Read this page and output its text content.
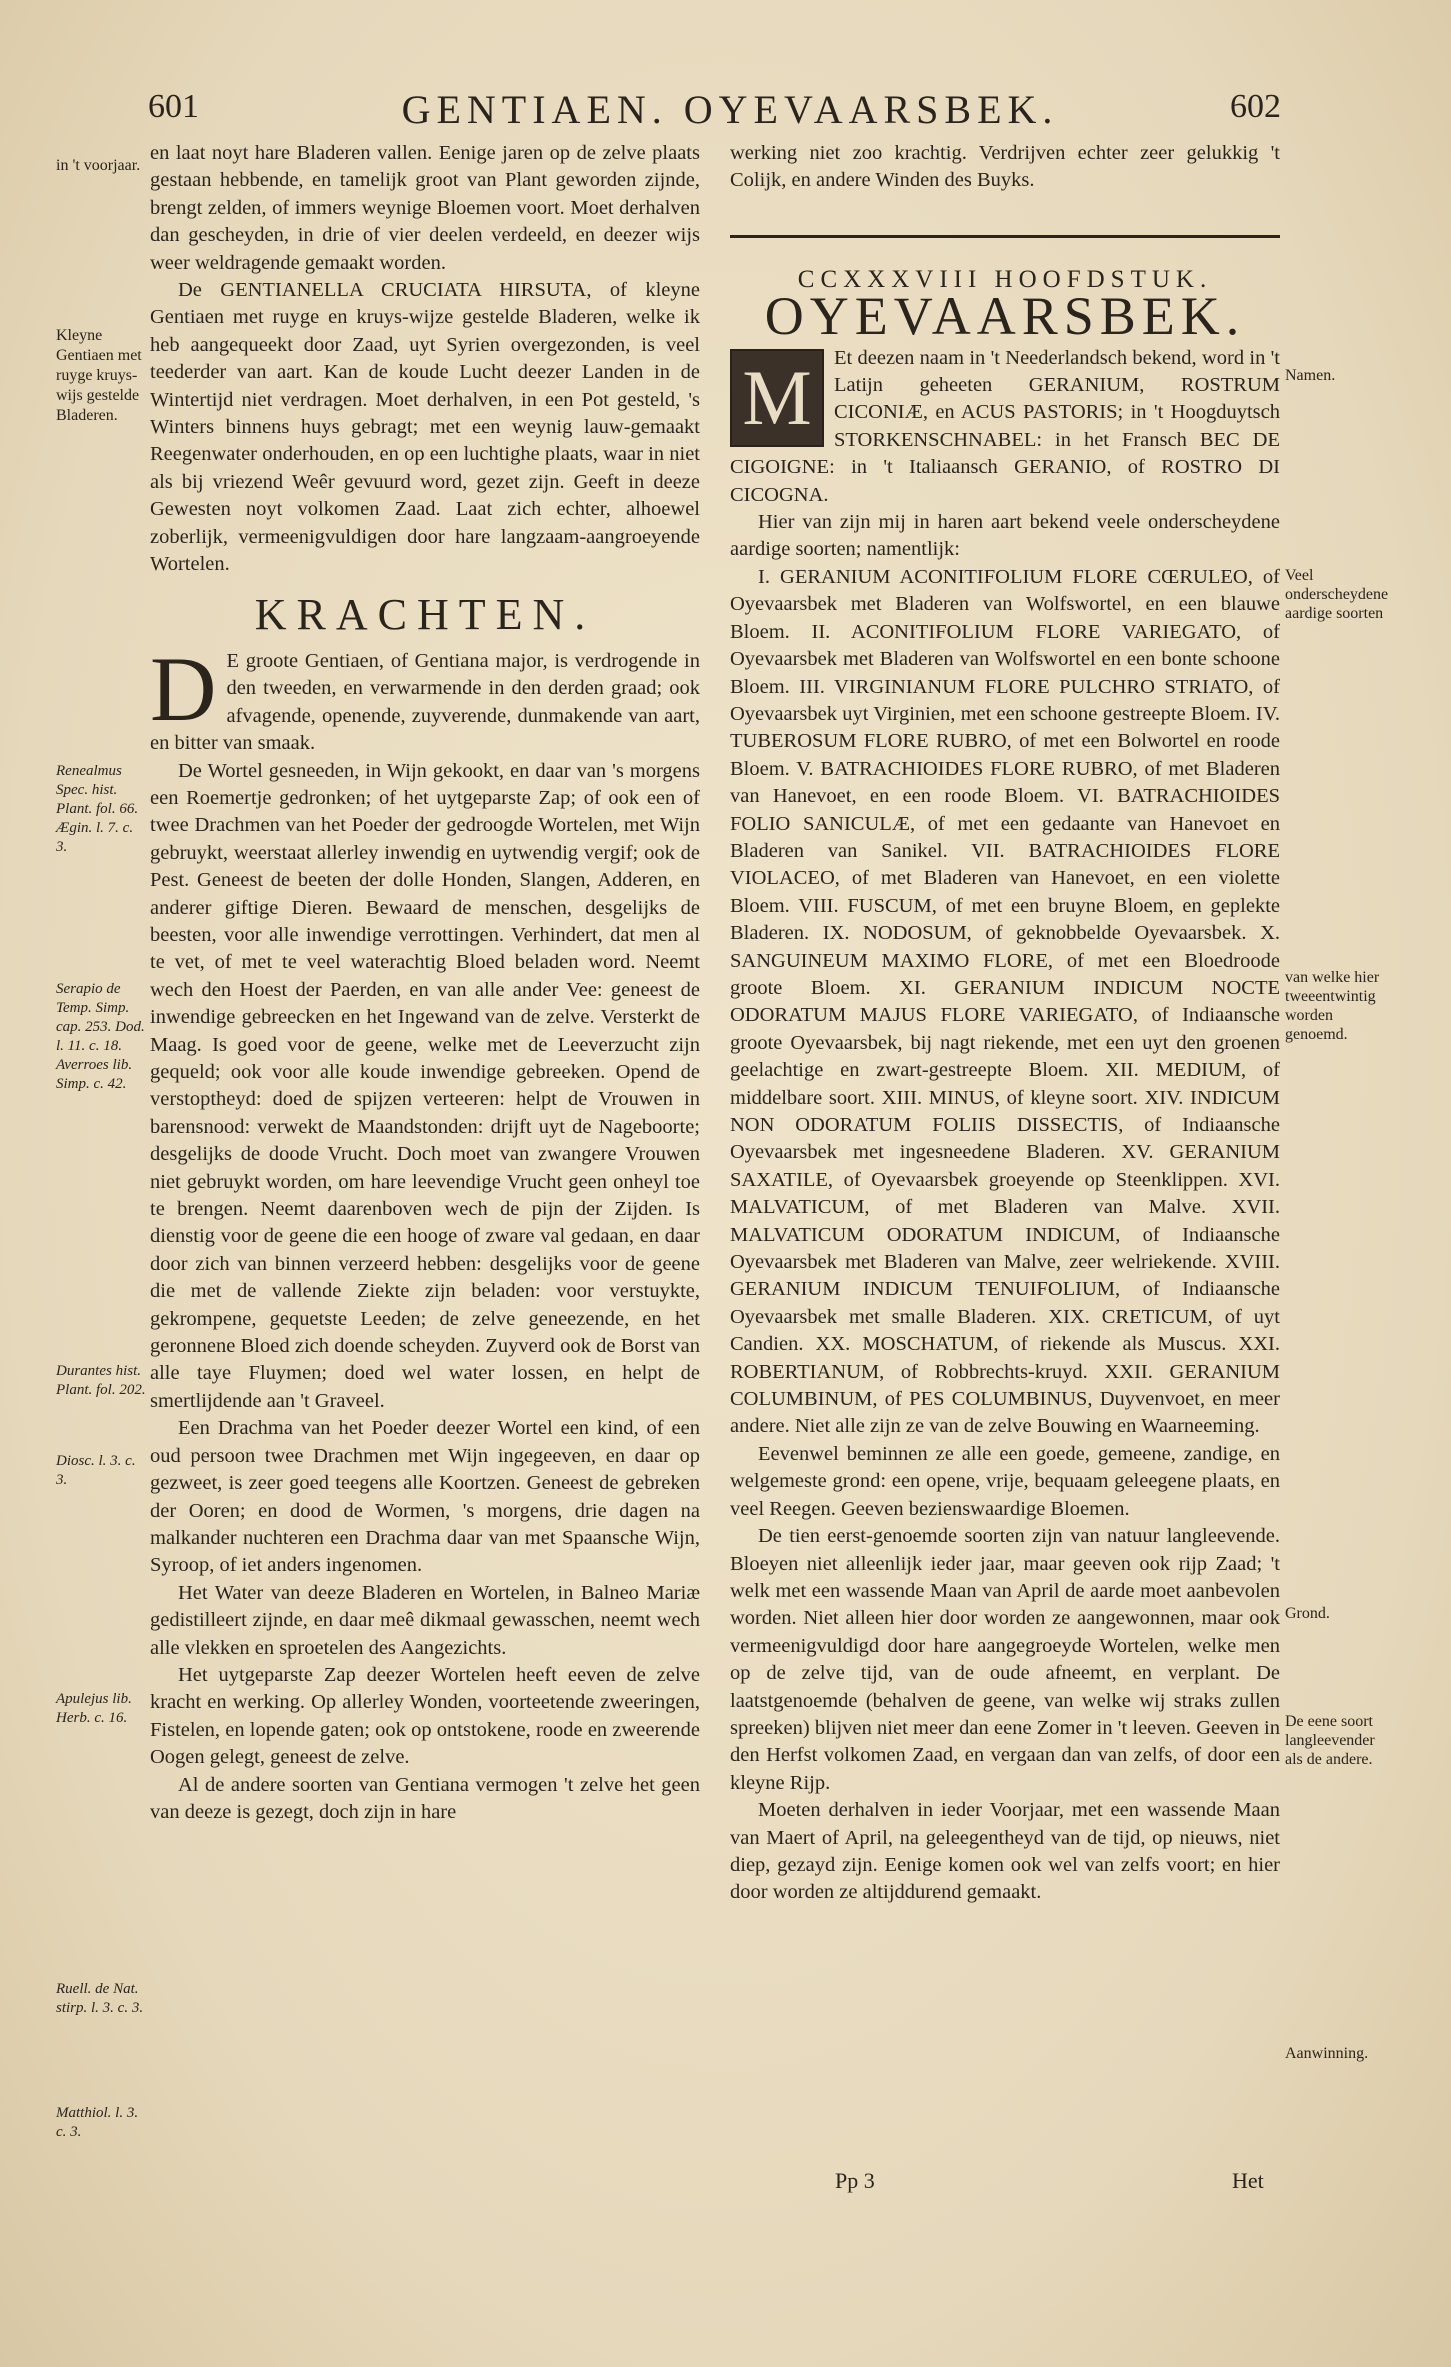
601	GENTIAEN. OYEVAARSBEK.	602
in 't voorjaar.
Kleyne Gentiaen met ruyge kruys-wijs gestelde Bladeren.
Renealmus Spec. hist. Plant. fol. 66. Ægin. l. 7. c. 3.
Serapio de Temp. Simp. cap. 253. Dod. l. 11. c. 18. Averroes lib. Simp. c. 42.
Durantes hist. Plant. fol. 202.
Diosc. l. 3. c. 3.
Apulejus lib. Herb. c. 16.
Ruell. de Nat. stirp. l. 3. c. 3.
Matthiol. l. 3. c. 3.

en laat noyt hare Bladeren vallen. Eenige jaren op de zelve plaats gestaan hebbende, en tamelijk groot van Plant geworden zijnde, brengt zelden, of immers weynige Bloemen voort. Moet derhalven dan gescheyden, in drie of vier deelen verdeeld, en deezer wijs weer weldragende gemaakt worden.

De GENTIANELLA CRUCIATA HIRSUTA, of kleyne Gentiaen met ruyge en kruys-wijze gestelde Bladeren, welke ik heb aangequeekt door Zaad, uyt Syrien overgezonden, is veel teederder van aart. Kan de koude Lucht deezer Landen in de Wintertijd niet verdragen. Moet derhalven, in een Pot gesteld, 's Winters binnens huys gebragt; met een weynig lauw-gemaakt Reegenwater onderhouden, en op een luchtighe plaats, waar in niet als bij vriezend Weêr gevuurd word, gezet zijn. Geeft in deeze Gewesten noyt volkomen Zaad. Laat zich echter, alhoewel zoberlijk, vermeenigvuldigen door hare langzaam-aangroeyende Wortelen.

KRACHTEN.

D E groote Gentiaen, of Gentiana major, is verdrogende in den tweeden, en verwarmende in den derden graad; ook afvagende, openende, zuyverende, dunmakende van aart, en bitter van smaak.

De Wortel gesneeden, in Wijn gekookt, en daar van 's morgens een Roemertje gedronken; of het uytgeparste Zap; of ook een of twee Drachmen van het Poeder der gedroogde Wortelen, met Wijn gebruykt, weerstaat allerley inwendig en uytwendig vergif; ook de Pest. Geneest de beeten der dolle Honden, Slangen, Adderen, en anderer giftige Dieren. Bewaard de menschen, desgelijks de beesten, voor alle inwendige verrottingen. Verhindert, dat men al te vet, of met te veel waterachtig Bloed beladen word. Neemt wech den Hoest der Paerden, en van alle ander Vee: geneest de inwendige gebreecken en het Ingewand van de zelve. Versterkt de Maag. Is goed voor de geene, welke met de Leeverzucht zijn gequeld; ook voor alle koude inwendige gebreeken. Opend de verstoptheyd: doed de spijzen verteeren: helpt de Vrouwen in barensnood: verwekt de Maandstonden: drijft uyt de Nageboorte; desgelijks de doode Vrucht. Doch moet van zwangere Vrouwen niet gebruykt worden, om hare leevendige Vrucht geen onheyl toe te brengen. Neemt daarenboven wech de pijn der Zijden. Is dienstig voor de geene die een hooge of zware val gedaan, en daar door zich van binnen verzeerd hebben: desgelijks voor de geene die met de vallende Ziekte zijn beladen: voor verstuykte, gekrompene, gequetste Leeden; de zelve geneezende, en het geronnene Bloed zich doende scheyden. Zuyverd ook de Borst van alle taye Fluymen; doed wel water lossen, en helpt de smertlijdende aan 't Graveel.

Een Drachma van het Poeder deezer Wortel een kind, of een oud persoon twee Drachmen met Wijn ingegeeven, en daar op gezweet, is zeer goed teegens alle Koortzen. Geneest de gebreken der Ooren; en dood de Wormen, 's morgens, drie dagen na malkander nuchteren een Drachma daar van met Spaansche Wijn, Syroop, of iet anders ingenomen.

Het Water van deeze Bladeren en Wortelen, in Balneo Mariæ gedistilleert zijnde, en daar meê dikmaal gewasschen, neemt wech alle vlekken en sproetelen des Aangezichts.

Het uytgeparste Zap deezer Wortelen heeft eeven de zelve kracht en werking. Op allerley Wonden, voorteetende zweeringen, Fistelen, en lopende gaten; ook op ontstokene, roode en zweerende Oogen gelegt, geneest de zelve.

Al de andere soorten van Gentiana vermogen 't zelve het geen van deeze is gezegt, doch zijn in hare

Namen.
Veel onderscheydene aardige soorten
van welke hier tweeentwintig worden genoemd.
Grond.
De eene soort langleevender als de andere.
Aanwinning.

werking niet zoo krachtig. Verdrijven echter zeer gelukkig 't Colijk, en andere Winden des Buyks.

CCXXXVIII HOOFDSTUK.
OYEVAARSBEK.

M	Et deezen naam in 't Neederlandsch bekend, word in 't Latijn geheeten GERANIUM, ROSTRUM CICONIÆ, en ACUS PASTORIS; in 't Hoogduytsch STORKENSCHNABEL: in het Fransch BEC DE CIGOIGNE: in 't Italiaansch GERANIO, of ROSTRO DI CICOGNA.

Hier van zijn mij in haren aart bekend veele onderscheydene aardige soorten; namentlijk:

I. GERANIUM ACONITIFOLIUM FLORE CŒRULEO, of Oyevaarsbek met Bladeren van Wolfswortel, en een blauwe Bloem. II. ACONITIFOLIUM FLORE VARIEGATO, of Oyevaarsbek met Bladeren van Wolfswortel en een bonte schoone Bloem. III. VIRGINIANUM FLORE PULCHRO STRIATO, of Oyevaarsbek uyt Virginien, met een schoone gestreepte Bloem. IV. TUBEROSUM FLORE RUBRO, of met een Bolwortel en roode Bloem. V. BATRACHIOIDES FLORE RUBRO, of met Bladeren van Hanevoet, en een roode Bloem. VI. BATRACHIOIDES FOLIO SANICULÆ, of met een gedaante van Hanevoet en Bladeren van Sanikel. VII. BATRACHIOIDES FLORE VIOLACEO, of met Bladeren van Hanevoet, en een violette Bloem. VIII. FUSCUM, of met een bruyne Bloem, en geplekte Bladeren. IX. NODOSUM, of geknobbelde Oyevaarsbek. X. SANGUINEUM MAXIMO FLORE, of met een Bloedroode groote Bloem. XI. GERANIUM INDICUM NOCTE ODORATUM MAJUS FLORE VARIEGATO, of Indiaansche groote Oyevaarsbek, bij nagt riekende, met een uyt den groenen geelachtige en zwart-gestreepte Bloem. XII. MEDIUM, of middelbare soort. XIII. MINUS, of kleyne soort. XIV. INDICUM NON ODORATUM FOLIIS DISSECTIS, of Indiaansche Oyevaarsbek met ingesneedene Bladeren. XV. GERANIUM SAXATILE, of Oyevaarsbek groeyende op Steenklippen. XVI. MALVATICUM, of met Bladeren van Malve. XVII. MALVATICUM ODORATUM INDICUM, of Indiaansche Oyevaarsbek met Bladeren van Malve, zeer welriekende. XVIII. GERANIUM INDICUM TENUIFOLIUM, of Indiaansche Oyevaarsbek met smalle Bladeren. XIX. CRETICUM, of uyt Candien. XX. MOSCHATUM, of riekende als Muscus. XXI. ROBERTIANUM, of Robbrechts-kruyd. XXII. GERANIUM COLUMBINUM, of PES COLUMBINUS, Duyvenvoet, en meer andere. Niet alle zijn ze van de zelve Bouwing en Waarneeming.

Eevenwel beminnen ze alle een goede, gemeene, zandige, en welgemeste grond: een opene, vrije, bequaam geleegene plaats, en veel Reegen. Geeven bezienswaardige Bloemen.

De tien eerst-genoemde soorten zijn van natuur langleevende. Bloeyen niet alleenlijk ieder jaar, maar geeven ook rijp Zaad; 't welk met een wassende Maan van April de aarde moet aanbevolen worden. Niet alleen hier door worden ze aangewonnen, maar ook vermeenigvuldigd door hare aangegroeyde Wortelen, welke men op de zelve tijd, van de oude afneemt, en verplant. De laatstgenoemde (behalven de geene, van welke wij straks zullen spreeken) blijven niet meer dan eene Zomer in 't leeven. Geeven in den Herfst volkomen Zaad, en vergaan dan van zelfs, of door een kleyne Rijp.

Moeten derhalven in ieder Voorjaar, met een wassende Maan van Maert of April, na geleegentheyd van de tijd, op nieuws, niet diep, gezayd zijn. Eenige komen ook wel van zelfs voort; en hier door worden ze altijddurend gemaakt.

Pp 3	Het
